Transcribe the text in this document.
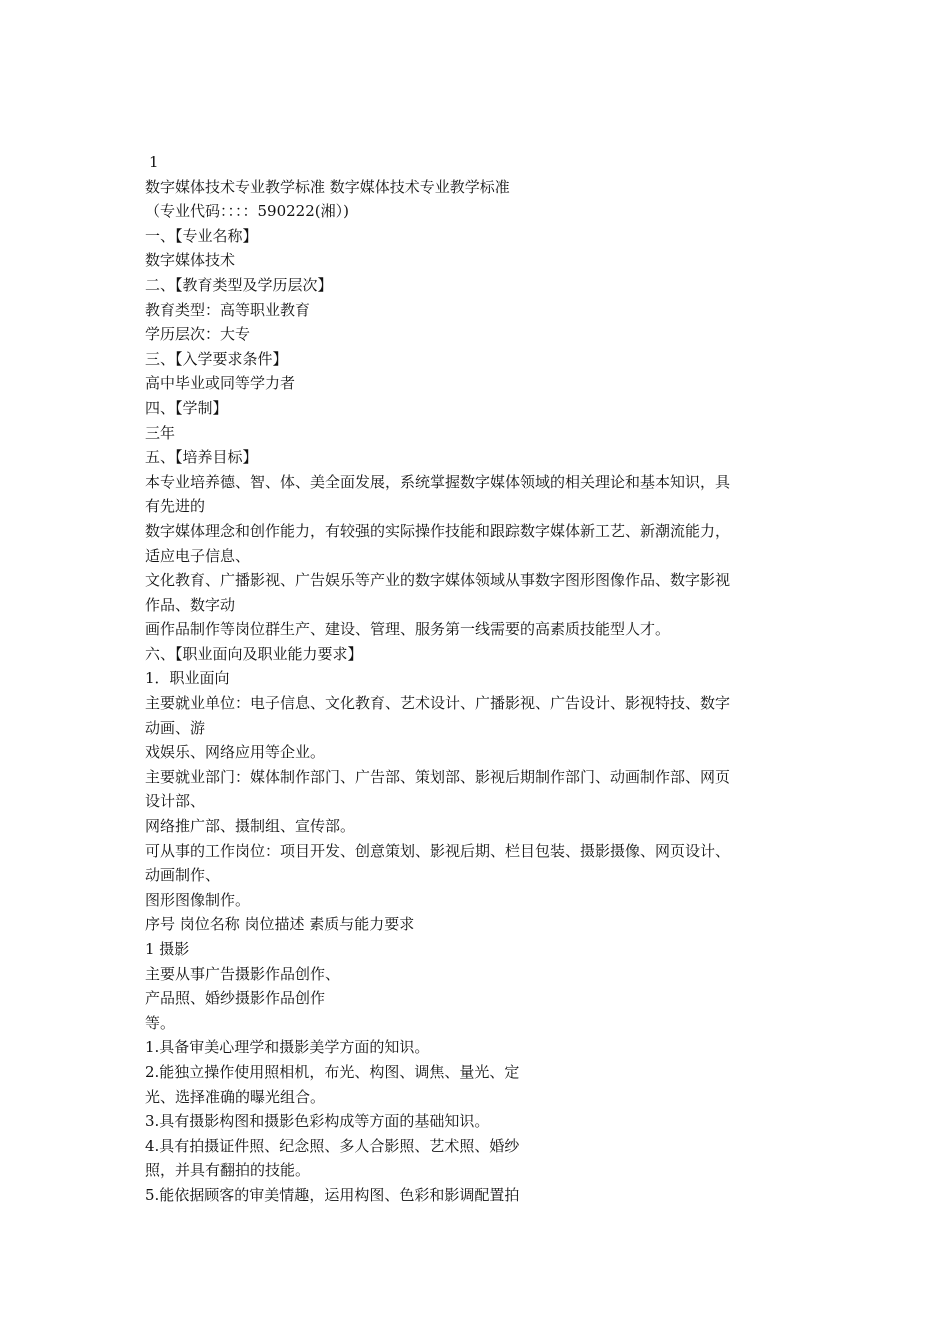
1
数字媒体技术专业教学标准 数字媒体技术专业教学标准
（专业代码：：：：590222(湘）)
一、【专业名称】
数字媒体技术
二、【教育类型及学历层次】
教育类型：高等职业教育
学历层次：大专
三、【入学要求条件】
高中毕业或同等学力者
四、【学制】
三年
五、【培养目标】
本专业培养德、智、体、美全面发展，系统掌握数字媒体领域的相关理论和基本知识，具
有先进的
数字媒体理念和创作能力，有较强的实际操作技能和跟踪数字媒体新工艺、新潮流能力，
适应电子信息、
文化教育、广播影视、广告娱乐等产业的数字媒体领域从事数字图形图像作品、数字影视
作品、数字动
画作品制作等岗位群生产、建设、管理、服务第一线需要的高素质技能型人才。
六、【职业面向及职业能力要求】
1．职业面向
主要就业单位：电子信息、文化教育、艺术设计、广播影视、广告设计、影视特技、数字
动画、游
戏娱乐、网络应用等企业。
主要就业部门：媒体制作部门、广告部、策划部、影视后期制作部门、动画制作部、网页
设计部、
网络推广部、摄制组、宣传部。
可从事的工作岗位：项目开发、创意策划、影视后期、栏目包装、摄影摄像、网页设计、
动画制作、
图形图像制作。
序号 岗位名称 岗位描述 素质与能力要求
1 摄影
主要从事广告摄影作品创作、
产品照、婚纱摄影作品创作
等。
1.具备审美心理学和摄影美学方面的知识。
2.能独立操作使用照相机，布光、构图、调焦、量光、定
光、选择准确的曝光组合。
3.具有摄影构图和摄影色彩构成等方面的基础知识。
4.具有拍摄证件照、纪念照、多人合影照、艺术照、婚纱
照，并具有翻拍的技能。
5.能依据顾客的审美情趣，运用构图、色彩和影调配置拍
